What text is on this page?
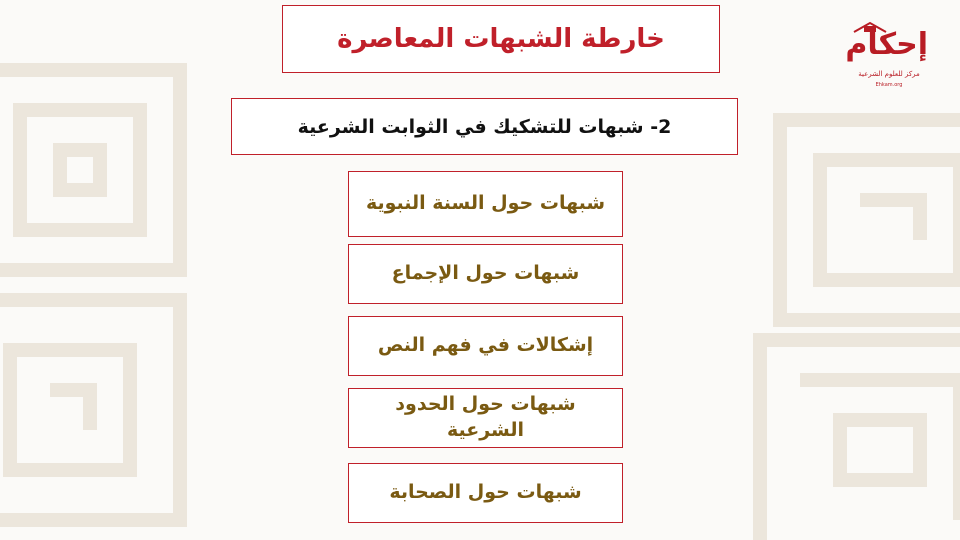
خارطة الشبهات المعاصرة
2- شبهات للتشكيك في الثوابت الشرعية
شبهات حول السنة النبوية
شبهات حول الإجماع
إشكالات في فهم النص
شبهات حول الحدود الشرعية
شبهات حول الصحابة
إحكام
مركز للعلوم الشرعية
Ehkam.org
